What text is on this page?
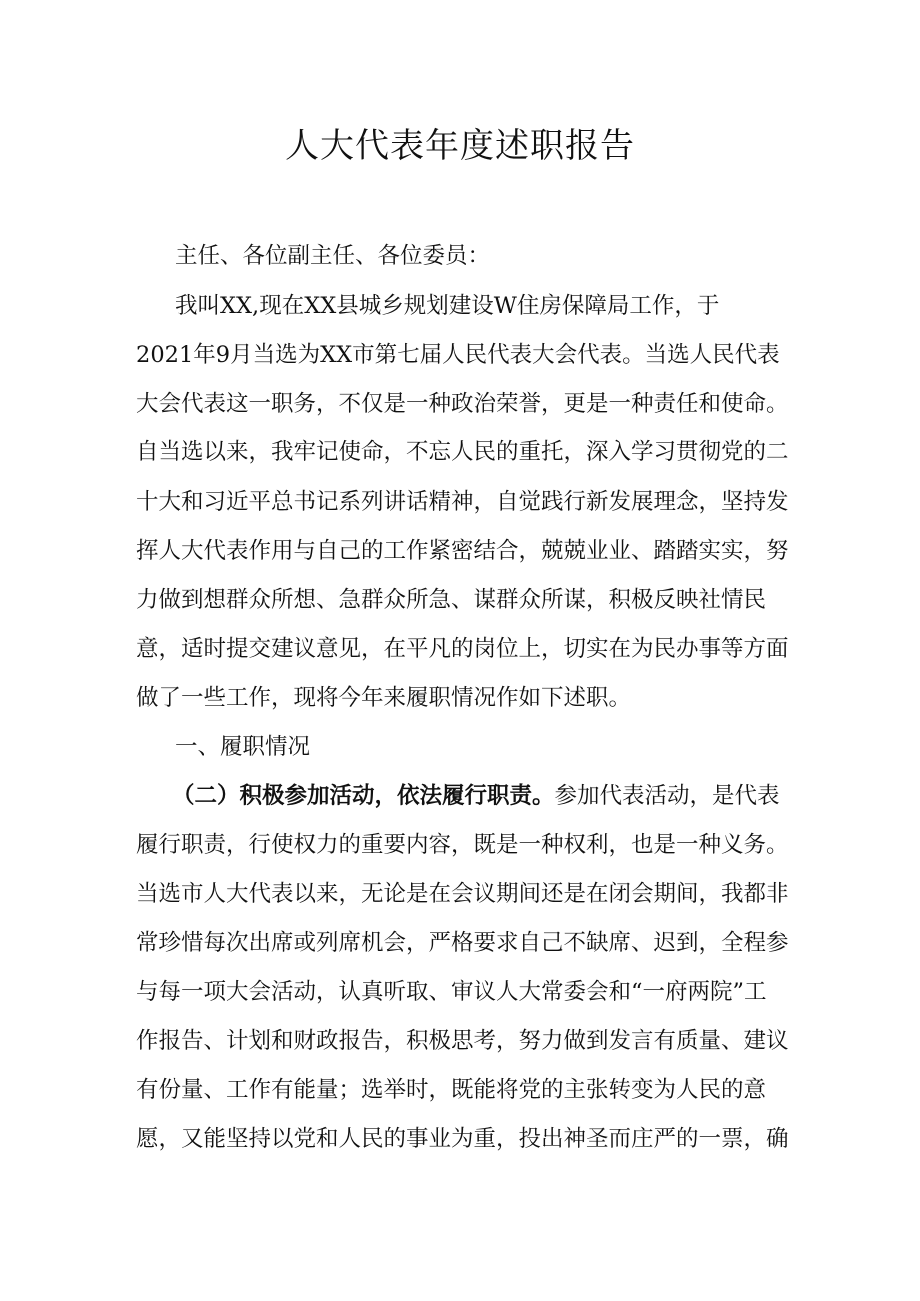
人大代表年度述职报告
主任、各位副主任、各位委员：
我叫XX,现在XX县城乡规划建设W住房保障局工作，于
2021年9月当选为XX市第七届人民代表大会代表。当选人民代表
大会代表这一职务，不仅是一种政治荣誉，更是一种责任和使命。
自当选以来，我牢记使命，不忘人民的重托，深入学习贯彻党的二
十大和习近平总书记系列讲话精神，自觉践行新发展理念，坚持发
挥人大代表作用与自己的工作紧密结合，兢兢业业、踏踏实实，努
力做到想群众所想、急群众所急、谋群众所谋，积极反映社情民
意，适时提交建议意见，在平凡的岗位上，切实在为民办事等方面
做了一些工作，现将今年来履职情况作如下述职。
一、履职情况
（二）积极参加活动，依法履行职责。参加代表活动，是代表
履行职责，行使权力的重要内容，既是一种权利，也是一种义务。
当选市人大代表以来，无论是在会议期间还是在闭会期间，我都非
常珍惜每次出席或列席机会，严格要求自己不缺席、迟到，全程参
与每一项大会活动，认真听取、审议人大常委会和“一府两院”工
作报告、计划和财政报告，积极思考，努力做到发言有质量、建议
有份量、工作有能量；选举时，既能将党的主张转变为人民的意
愿，又能坚持以党和人民的事业为重，投出神圣而庄严的一票，确
